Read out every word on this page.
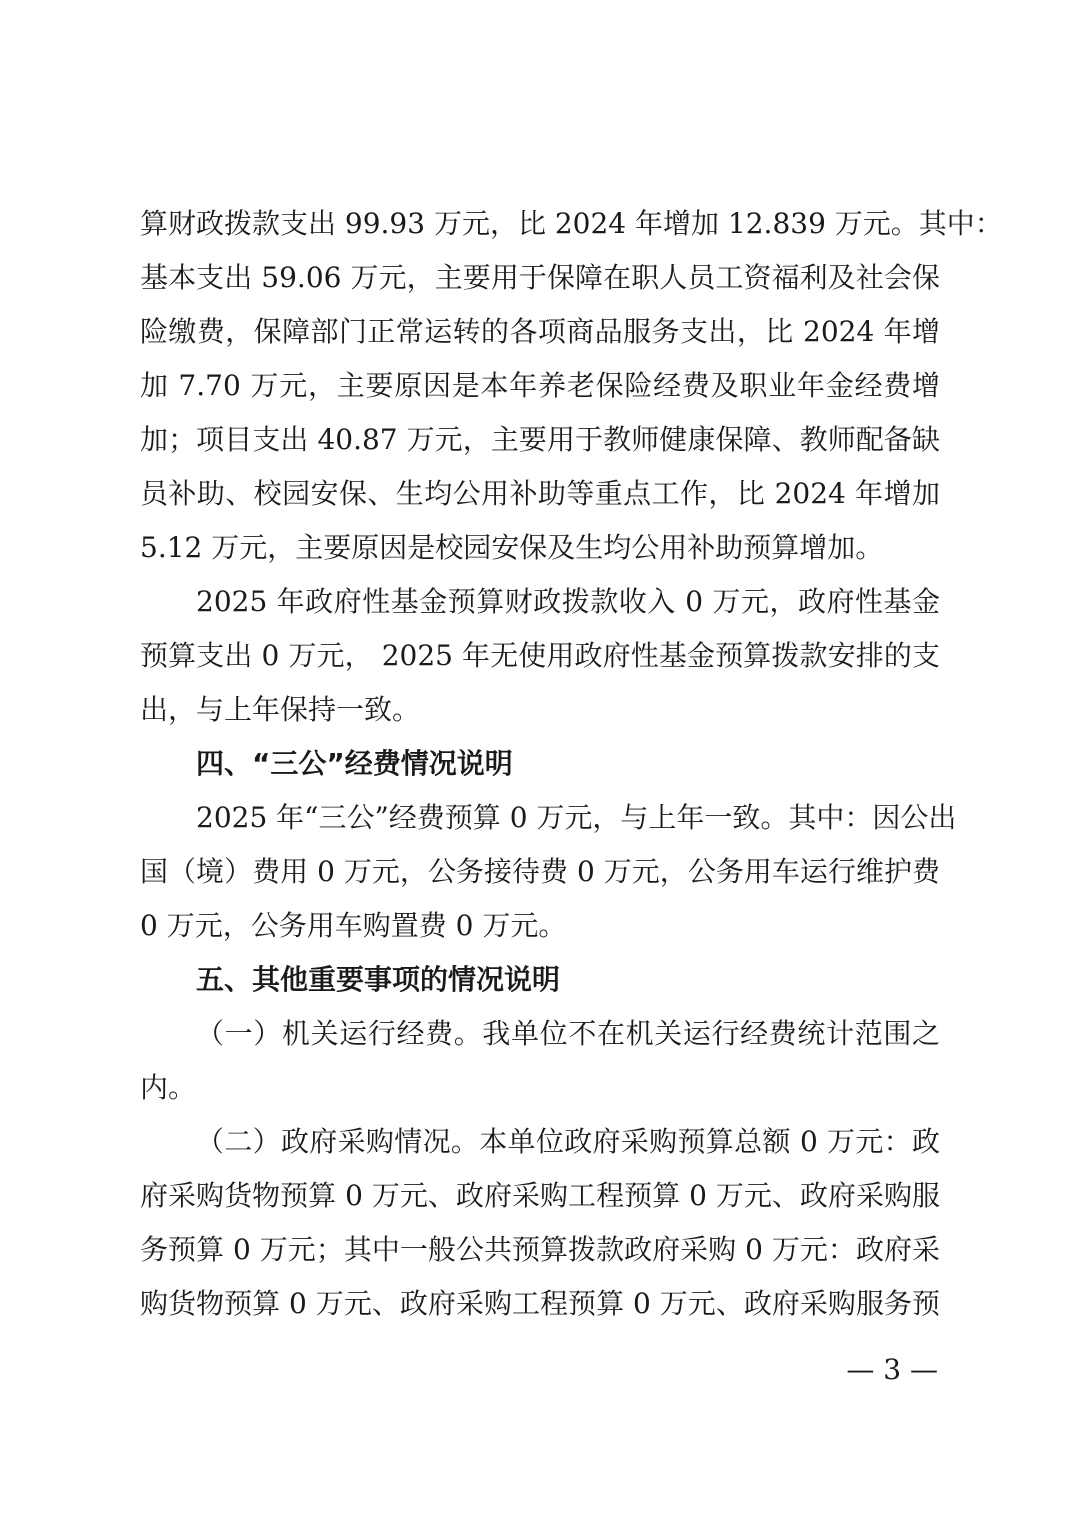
算财政拨款支出 99.93 万元，比 2024 年增加 12.839 万元。其中：
基本支出 59.06 万元，主要用于保障在职人员工资福利及社会保
险缴费，保障部门正常运转的各项商品服务支出，比 2024 年增
加 7.70 万元，主要原因是本年养老保险经费及职业年金经费增
加；项目支出 40.87 万元，主要用于教师健康保障、教师配备缺
员补助、校园安保、生均公用补助等重点工作，比 2024 年增加
5.12 万元，主要原因是校园安保及生均公用补助预算增加。
2025 年政府性基金预算财政拨款收入 0 万元，政府性基金
预算支出 0 万元， 2025 年无使用政府性基金预算拨款安排的支
出，与上年保持一致。
四、“三公”经费情况说明
2025 年“三公”经费预算 0 万元，与上年一致。其中：因公出
国（境）费用 0 万元，公务接待费 0 万元，公务用车运行维护费
0 万元，公务用车购置费 0 万元。
五、其他重要事项的情况说明
（一）机关运行经费。我单位不在机关运行经费统计范围之
内。
（二）政府采购情况。本单位政府采购预算总额 0 万元：政
府采购货物预算 0 万元、政府采购工程预算 0 万元、政府采购服
务预算 0 万元；其中一般公共预算拨款政府采购 0 万元：政府采
购货物预算 0 万元、政府采购工程预算 0 万元、政府采购服务预
— 3 —
